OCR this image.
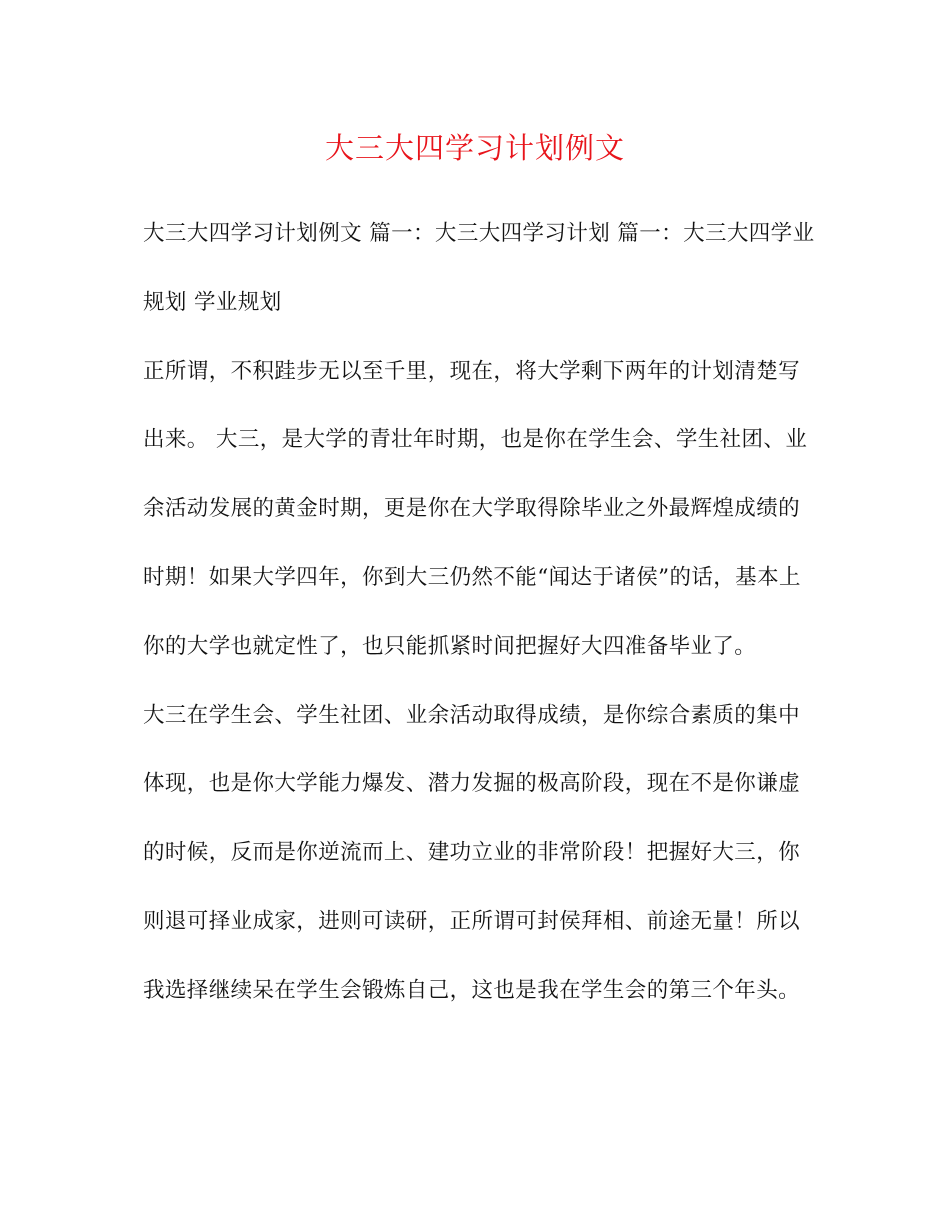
大三大四学习计划例文
大三大四学习计划例文 篇一：大三大四学习计划 篇一：大三大四学业
规划 学业规划
正所谓，不积跬步无以至千里，现在，将大学剩下两年的计划清楚写
出来。 大三，是大学的青壮年时期，也是你在学生会、学生社团、业
余活动发展的黄金时期，更是你在大学取得除毕业之外最辉煌成绩的
时期！如果大学四年，你到大三仍然不能“闻达于诸侯”的话，基本上
你的大学也就定性了，也只能抓紧时间把握好大四准备毕业了。
大三在学生会、学生社团、业余活动取得成绩，是你综合素质的集中
体现，也是你大学能力爆发、潜力发掘的极高阶段，现在不是你谦虚
的时候，反而是你逆流而上、建功立业的非常阶段！把握好大三，你
则退可择业成家，进则可读研，正所谓可封侯拜相、前途无量！所以
我选择继续呆在学生会锻炼自己，这也是我在学生会的第三个年头。
